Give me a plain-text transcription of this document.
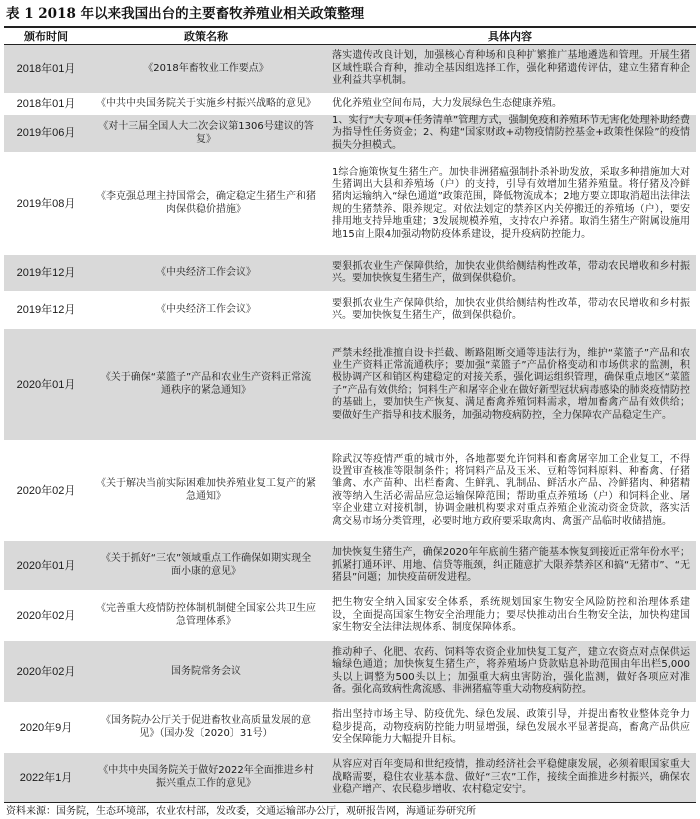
表 1 2018 年以来我国出台的主要畜牧养殖业相关政策整理
颁布时间	政策名称	具体内容
2018年01月	《2018年畜牧业工作要点》	落实遗传改良计划，加强核心育种场和良种扩繁推广基地遴选和管理。开展生猪区域性联合育种，推动全基因组选择工作，强化种猪遗传评估，建立生猪育种企业利益共享机制。
2018年01月	《中共中央国务院关于实施乡村振兴战略的意见》	优化养殖业空间布局，大力发展绿色生态健康养殖。
2019年06月	《对十三届全国人大二次会议第1306号建议的答复》	1、实行“大专项+任务清单”管理方式，强制免疫和养殖环节无害化处理补助经费为指导性任务资金；2、构建“国家财政+动物疫情防控基金+政策性保险”的疫情损失分担模式。
2019年08月	《李克强总理主持国常会，确定稳定生猪生产和猪肉保供稳价措施》	1综合施策恢复生猪生产。加快非洲猪瘟强制扑杀补助发放，采取多种措施加大对生猪调出大县和养殖场（户）的支持，引导有效增加生猪养殖量。将仔猪及冷鲜猪肉运输纳入“绿色通道”政策范围，降低物流成本；2地方要立即取消超出法律法规的生猪禁养、限养规定。对依法划定的禁养区内关停搬迁的养殖场（户），要安排用地支持异地重建；3发展规模养殖，支持农户养猪。取消生猪生产附属设施用地15亩上限4加强动物防疫体系建设，提升疫病防控能力。
2019年12月	《中央经济工作会议》	要狠抓农业生产保障供给，加快农业供给侧结构性改革，带动农民增收和乡村振兴。要加快恢复生猪生产，做到保供稳价。
2019年12月	《中央经济工作会议》	要狠抓农业生产保障供给，加快农业供给侧结构性改革，带动农民增收和乡村振兴。要加快恢复生猪生产，做到保供稳价。
2020年01月	《关于确保“菜篮子”产品和农业生产资料正常流通秩序的紧急通知》	严禁未经批准擅自设卡拦截、断路阻断交通等违法行为，维护“菜篮子”产品和农业生产资料正常流通秩序；要加强“菜篮子”产品价格变动和市场供求的监测，积极协调产区和销区构建稳定的对接关系，强化调运组织管理，确保重点地区“菜篮子”产品有效供给；饲料生产和屠宰企业在做好新型冠状病毒感染的肺炎疫情防控的基础上，要加快生产恢复、满足畜禽养殖饲料需求，增加畜禽产品有效供给；要做好生产指导和技术服务，加强动物疫病防控，全力保障农产品稳定生产。
2020年02月	《关于解决当前实际困难加快养殖业复工复产的紧急通知》	除武汉等疫情严重的城市外，各地都要允许饲料和畜禽屠宰加工企业复工，不得设置审查核准等限制条件；将饲料产品及玉米、豆粕等饲料原料、种畜禽、仔猪雏禽、水产苗种、出栏畜禽、生鲜乳、乳制品、鲜活水产品、冷鲜猪肉、种猪精液等纳入生活必需品应急运输保障范围；帮助重点养殖场（户）和饲料企业、屠宰企业建立对接机制，协调金融机构要求对重点养殖企业流动资金贷款，落实活禽交易市场分类管理，必要时地方政府要采取禽肉、禽蛋产品临时收储措施。
2020年01月	《关于抓好“三农”领域重点工作确保如期实现全面小康的意见》	加快恢复生猪生产，确保2020年年底前生猪产能基本恢复到接近正常年份水平；抓紧打通环评、用地、信贷等瓶颈，纠正随意扩大限养禁养区和搞“无猪市”、“无猪县”问题；加快疫苗研发进程。
2020年02月	《完善重大疫情防控体制机制健全国家公共卫生应急管理体系》	把生物安全纳入国家安全体系，系统规划国家生物安全风险防控和治理体系建设，全面提高国家生物安全治理能力；要尽快推动出台生物安全法，加快构建国家生物安全法律法规体系、制度保障体系。
2020年02月	国务院常务会议	推动种子、化肥、农药、饲料等农资企业加快复工复产，建立农资点对点保供运输绿色通道；加快恢复生猪生产，将养殖场户贷款贴息补助范围由年出栏5,000头以上调整为500头以上；加强重大病虫害防治，强化监测，做好各项应对准备。强化高致病性禽流感、非洲猪瘟等重大动物疫病防控。
2020年9月	《国务院办公厅关于促进畜牧业高质量发展的意见》（国办发〔2020〕31号）	指出坚持市场主导、防疫优先、绿色发展、政策引导，并提出畜牧业整体竞争力稳步提高，动物疫病防控能力明显增强，绿色发展水平显著提高，畜禽产品供应安全保障能力大幅提升目标。
2022年1月	《中共中央国务院关于做好2022年全面推进乡村振兴重点工作的意见》	从容应对百年变局和世纪疫情，推动经济社会平稳健康发展，必须着眼国家重大战略需要，稳住农业基本盘、做好“三农”工作，接续全面推进乡村振兴，确保农业稳产增产、农民稳步增收、农村稳定安宁。
资料来源：国务院，生态环境部，农业农村部，发改委，交通运输部办公厅，观研报告网，海通证券研究所
